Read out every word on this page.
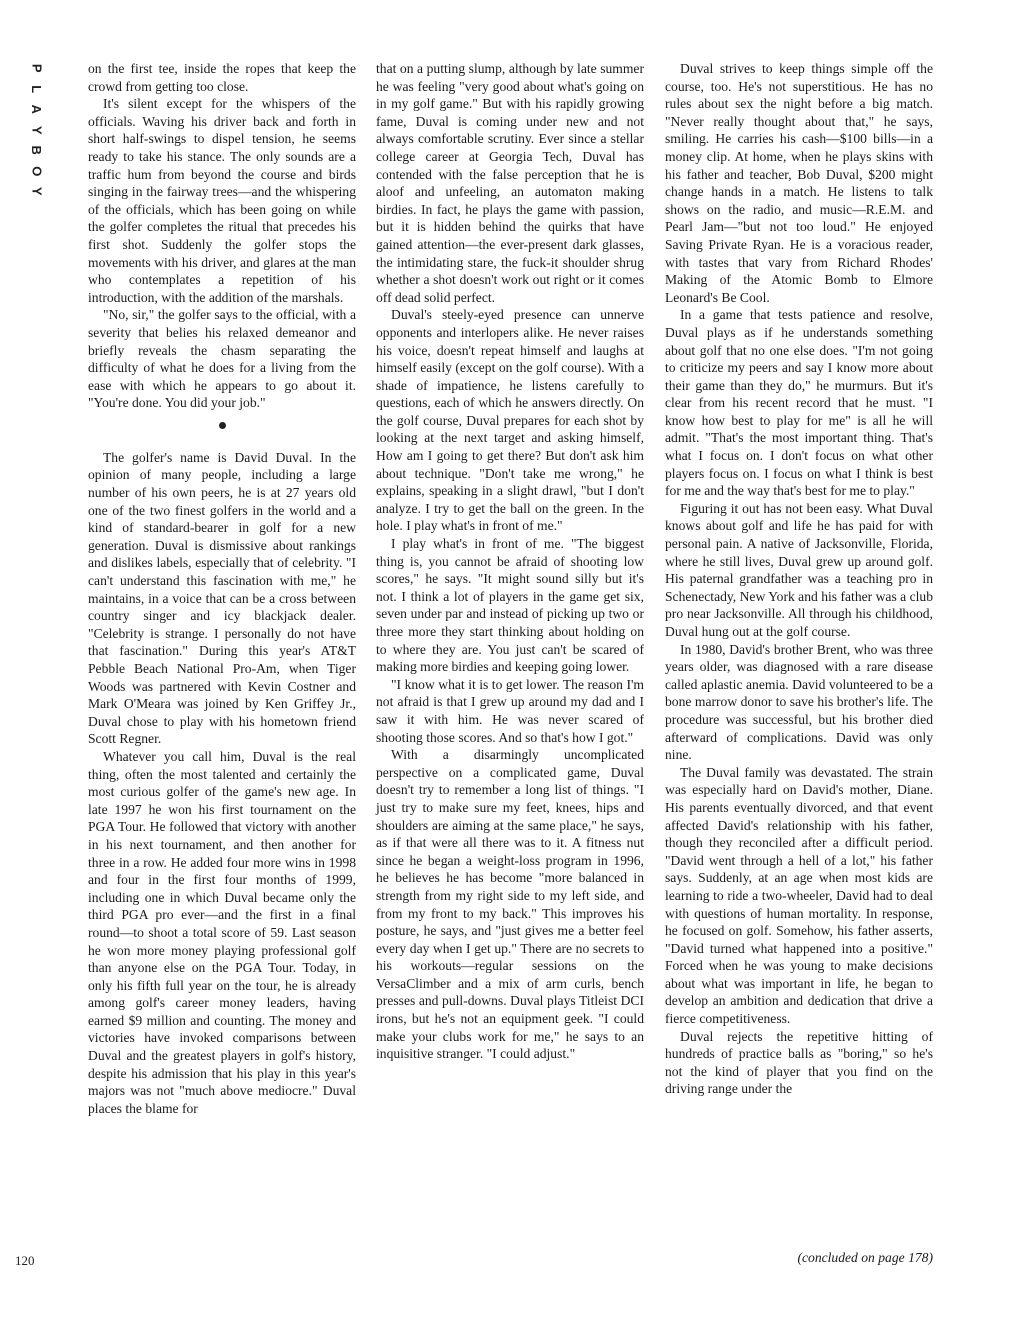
P
L
A
Y
B
O
Y
120

on the first tee, inside the ropes that keep the crowd from getting too close.

It's silent except for the whispers of the officials. Waving his driver back and forth in short half-swings to dispel tension, he seems ready to take his stance. The only sounds are a traffic hum from beyond the course and birds singing in the fairway trees—and the whispering of the officials, which has been going on while the golfer completes the ritual that precedes his first shot. Suddenly the golfer stops the movements with his driver, and glares at the man who contemplates a repetition of his introduction, with the addition of the marshals.

"No, sir," the golfer says to the official, with a severity that belies his relaxed demeanor and briefly reveals the chasm separating the difficulty of what he does for a living from the ease with which he appears to go about it. "You're done. You did your job."

The golfer's name is David Duval. In the opinion of many people, including a large number of his own peers, he is at 27 years old one of the two finest golfers in the world and a kind of standard-bearer in golf for a new generation. Duval is dismissive about rankings and dislikes labels, especially that of celebrity. "I can't understand this fascination with me," he maintains, in a voice that can be a cross between country singer and icy blackjack dealer. "Celebrity is strange. I personally do not have that fascination." During this year's AT&T Pebble Beach National Pro-Am, when Tiger Woods was partnered with Kevin Costner and Mark O'Meara was joined by Ken Griffey Jr., Duval chose to play with his hometown friend Scott Regner.

Whatever you call him, Duval is the real thing, often the most talented and certainly the most curious golfer of the game's new age. In late 1997 he won his first tournament on the PGA Tour. He followed that victory with another in his next tournament, and then another for three in a row. He added four more wins in 1998 and four in the first four months of 1999, including one in which Duval became only the third PGA pro ever—and the first in a final round—to shoot a total score of 59. Last season he won more money playing professional golf than anyone else on the PGA Tour. Today, in only his fifth full year on the tour, he is already among golf's career money leaders, having earned $9 million and counting. The money and victories have invoked comparisons between Duval and the greatest players in golf's history, despite his admission that his play in this year's majors was not "much above mediocre." Duval places the blame for

that on a putting slump, although by late summer he was feeling "very good about what's going on in my golf game." But with his rapidly growing fame, Duval is coming under new and not always comfortable scrutiny. Ever since a stellar college career at Georgia Tech, Duval has contended with the false perception that he is aloof and unfeeling, an automaton making birdies. In fact, he plays the game with passion, but it is hidden behind the quirks that have gained attention—the ever-present dark glasses, the intimidating stare, the fuck-it shoulder shrug whether a shot doesn't work out right or it comes off dead solid perfect.

Duval's steely-eyed presence can unnerve opponents and interlopers alike. He never raises his voice, doesn't repeat himself and laughs at himself easily (except on the golf course). With a shade of impatience, he listens carefully to questions, each of which he answers directly. On the golf course, Duval prepares for each shot by looking at the next target and asking himself, How am I going to get there? But don't ask him about technique. "Don't take me wrong," he explains, speaking in a slight drawl, "but I don't analyze. I try to get the ball on the green. In the hole. I play what's in front of me."

I play what's in front of me. "The biggest thing is, you cannot be afraid of shooting low scores," he says. "It might sound silly but it's not. I think a lot of players in the game get six, seven under par and instead of picking up two or three more they start thinking about holding on to where they are. You just can't be scared of making more birdies and keeping going lower.

"I know what it is to get lower. The reason I'm not afraid is that I grew up around my dad and I saw it with him. He was never scared of shooting those scores. And so that's how I got."

With a disarmingly uncomplicated perspective on a complicated game, Duval doesn't try to remember a long list of things. "I just try to make sure my feet, knees, hips and shoulders are aiming at the same place," he says, as if that were all there was to it. A fitness nut since he began a weight-loss program in 1996, he believes he has become "more balanced in strength from my right side to my left side, and from my front to my back." This improves his posture, he says, and "just gives me a better feel every day when I get up." There are no secrets to his workouts—regular sessions on the VersaClimber and a mix of arm curls, bench presses and pull-downs. Duval plays Titleist DCI irons, but he's not an equipment geek. "I could make your clubs work for me," he says to an inquisitive stranger. "I could adjust."

Duval strives to keep things simple off the course, too. He's not superstitious. He has no rules about sex the night before a big match. "Never really thought about that," he says, smiling. He carries his cash—$100 bills—in a money clip. At home, when he plays skins with his father and teacher, Bob Duval, $200 might change hands in a match. He listens to talk shows on the radio, and music—R.E.M. and Pearl Jam—"but not too loud." He enjoyed Saving Private Ryan. He is a voracious reader, with tastes that vary from Richard Rhodes' Making of the Atomic Bomb to Elmore Leonard's Be Cool.

In a game that tests patience and resolve, Duval plays as if he understands something about golf that no one else does. "I'm not going to criticize my peers and say I know more about their game than they do," he murmurs. But it's clear from his recent record that he must. "I know how best to play for me" is all he will admit. "That's the most important thing. That's what I focus on. I don't focus on what other players focus on. I focus on what I think is best for me and the way that's best for me to play."

Figuring it out has not been easy. What Duval knows about golf and life he has paid for with personal pain. A native of Jacksonville, Florida, where he still lives, Duval grew up around golf. His paternal grandfather was a teaching pro in Schenectady, New York and his father was a club pro near Jacksonville. All through his childhood, Duval hung out at the golf course.

In 1980, David's brother Brent, who was three years older, was diagnosed with a rare disease called aplastic anemia. David volunteered to be a bone marrow donor to save his brother's life. The procedure was successful, but his brother died afterward of complications. David was only nine.

The Duval family was devastated. The strain was especially hard on David's mother, Diane. His parents eventually divorced, and that event affected David's relationship with his father, though they reconciled after a difficult period. "David went through a hell of a lot," his father says. Suddenly, at an age when most kids are learning to ride a two-wheeler, David had to deal with questions of human mortality. In response, he focused on golf. Somehow, his father asserts, "David turned what happened into a positive." Forced when he was young to make decisions about what was important in life, he began to develop an ambition and dedication that drive a fierce competitiveness.

Duval rejects the repetitive hitting of hundreds of practice balls as "boring," so he's not the kind of player that you find on the driving range under the

(concluded on page 178)
